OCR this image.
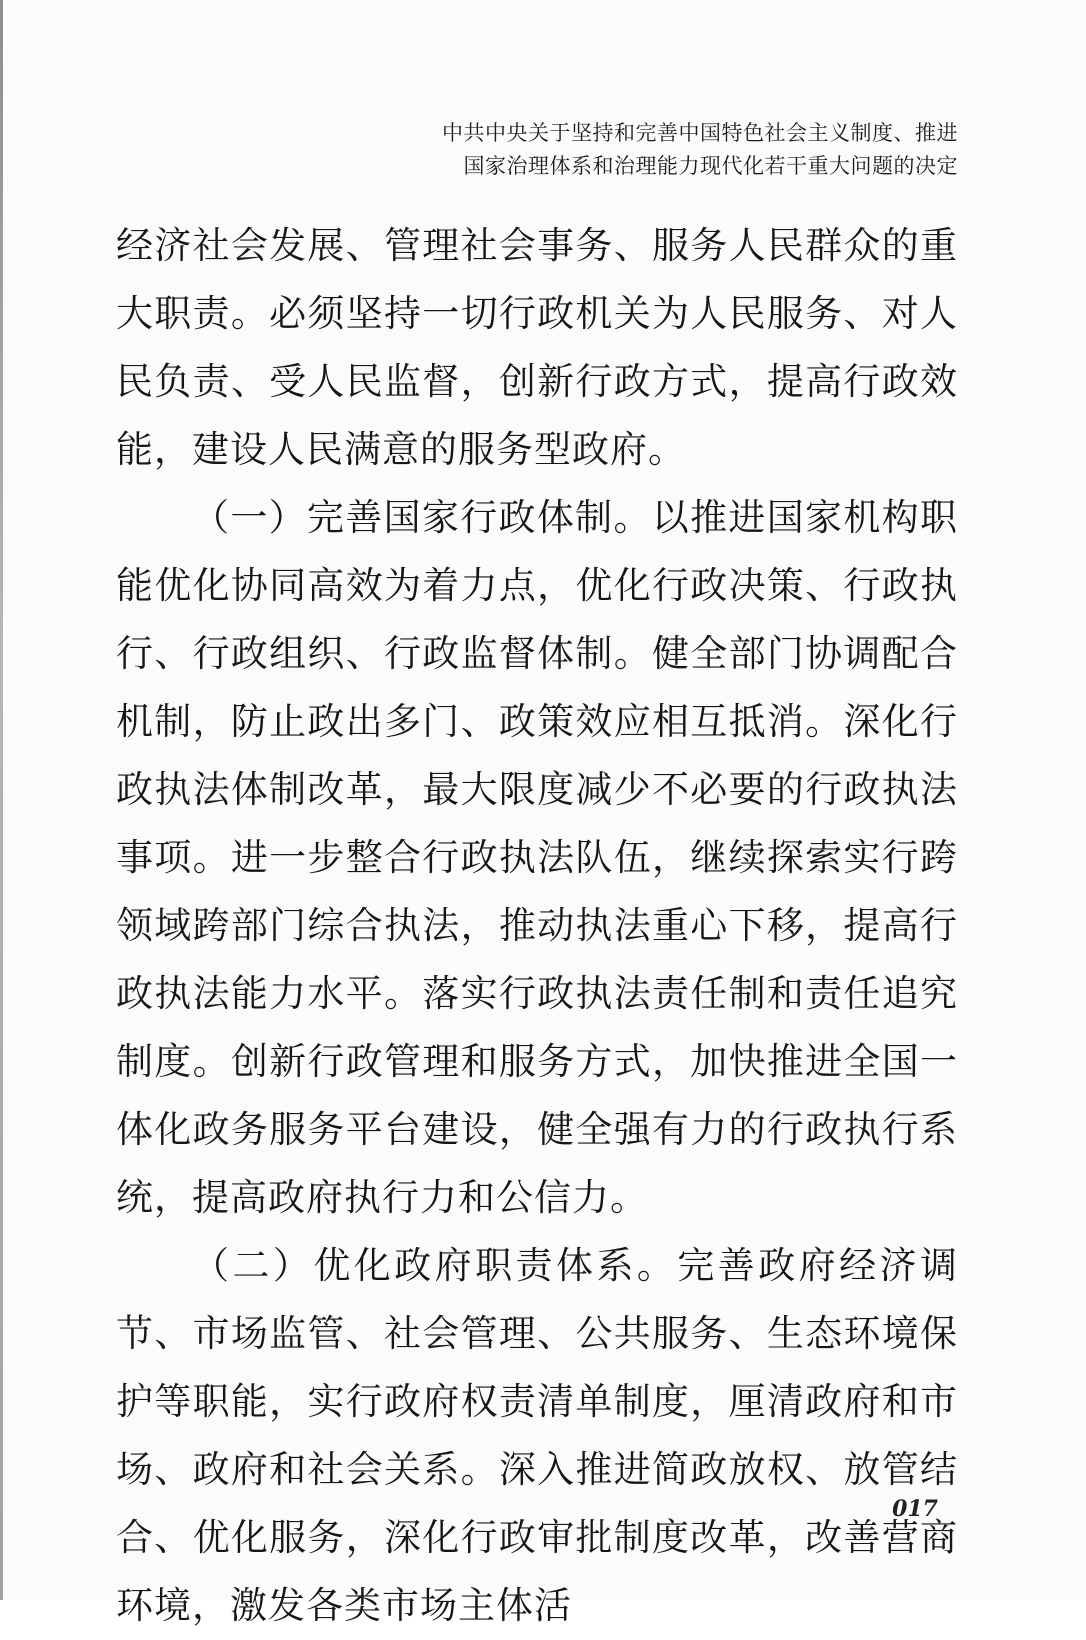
中共中央关于坚持和完善中国特色社会主义制度、推进
国家治理体系和治理能力现代化若干重大问题的决定

经济社会发展、管理社会事务、服务人民群众的重大职责。必须坚持一切行政机关为人民服务、对人民负责、受人民监督，创新行政方式，提高行政效能，建设人民满意的服务型政府。

（一）完善国家行政体制。以推进国家机构职能优化协同高效为着力点，优化行政决策、行政执行、行政组织、行政监督体制。健全部门协调配合机制，防止政出多门、政策效应相互抵消。深化行政执法体制改革，最大限度减少不必要的行政执法事项。进一步整合行政执法队伍，继续探索实行跨领域跨部门综合执法，推动执法重心下移，提高行政执法能力水平。落实行政执法责任制和责任追究制度。创新行政管理和服务方式，加快推进全国一体化政务服务平台建设，健全强有力的行政执行系统，提高政府执行力和公信力。

（二）优化政府职责体系。完善政府经济调节、市场监管、社会管理、公共服务、生态环境保护等职能，实行政府权责清单制度，厘清政府和市场、政府和社会关系。深入推进简政放权、放管结合、优化服务，深化行政审批制度改革，改善营商环境，激发各类市场主体活

017
